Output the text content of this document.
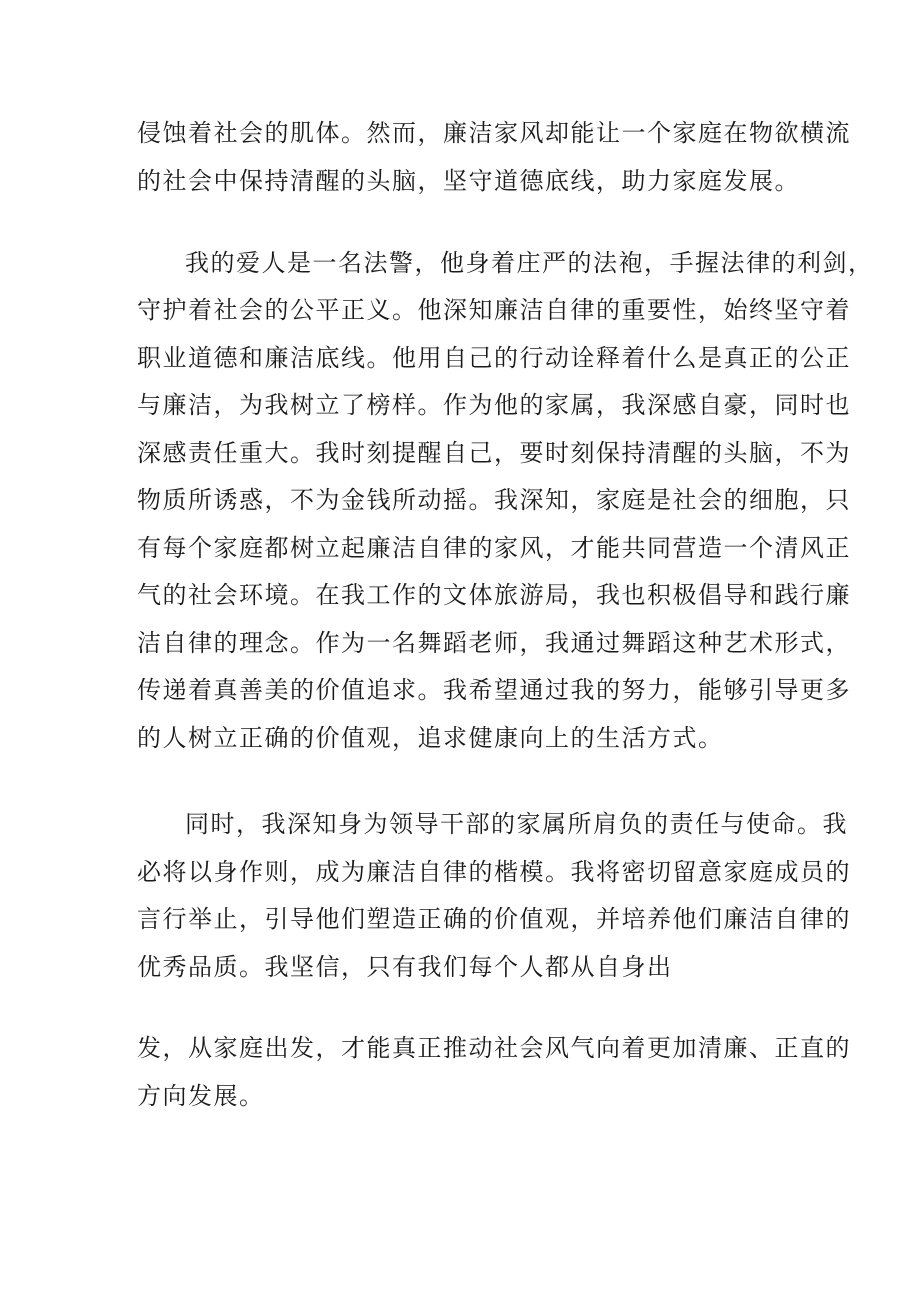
侵蚀着社会的肌体。然而，廉洁家风却能让一个家庭在物欲横流
的社会中保持清醒的头脑，坚守道德底线，助力家庭发展。
我的爱人是一名法警，他身着庄严的法袍，手握法律的利剑，
守护着社会的公平正义。他深知廉洁自律的重要性，始终坚守着
职业道德和廉洁底线。他用自己的行动诠释着什么是真正的公正
与廉洁，为我树立了榜样。作为他的家属，我深感自豪，同时也
深感责任重大。我时刻提醒自己，要时刻保持清醒的头脑，不为
物质所诱惑，不为金钱所动摇。我深知，家庭是社会的细胞，只
有每个家庭都树立起廉洁自律的家风，才能共同营造一个清风正
气的社会环境。在我工作的文体旅游局，我也积极倡导和践行廉
洁自律的理念。作为一名舞蹈老师，我通过舞蹈这种艺术形式，
传递着真善美的价值追求。我希望通过我的努力，能够引导更多
的人树立正确的价值观，追求健康向上的生活方式。
同时，我深知身为领导干部的家属所肩负的责任与使命。我
必将以身作则，成为廉洁自律的楷模。我将密切留意家庭成员的
言行举止，引导他们塑造正确的价值观，并培养他们廉洁自律的
优秀品质。我坚信，只有我们每个人都从自身出
发，从家庭出发，才能真正推动社会风气向着更加清廉、正直的
方向发展。
